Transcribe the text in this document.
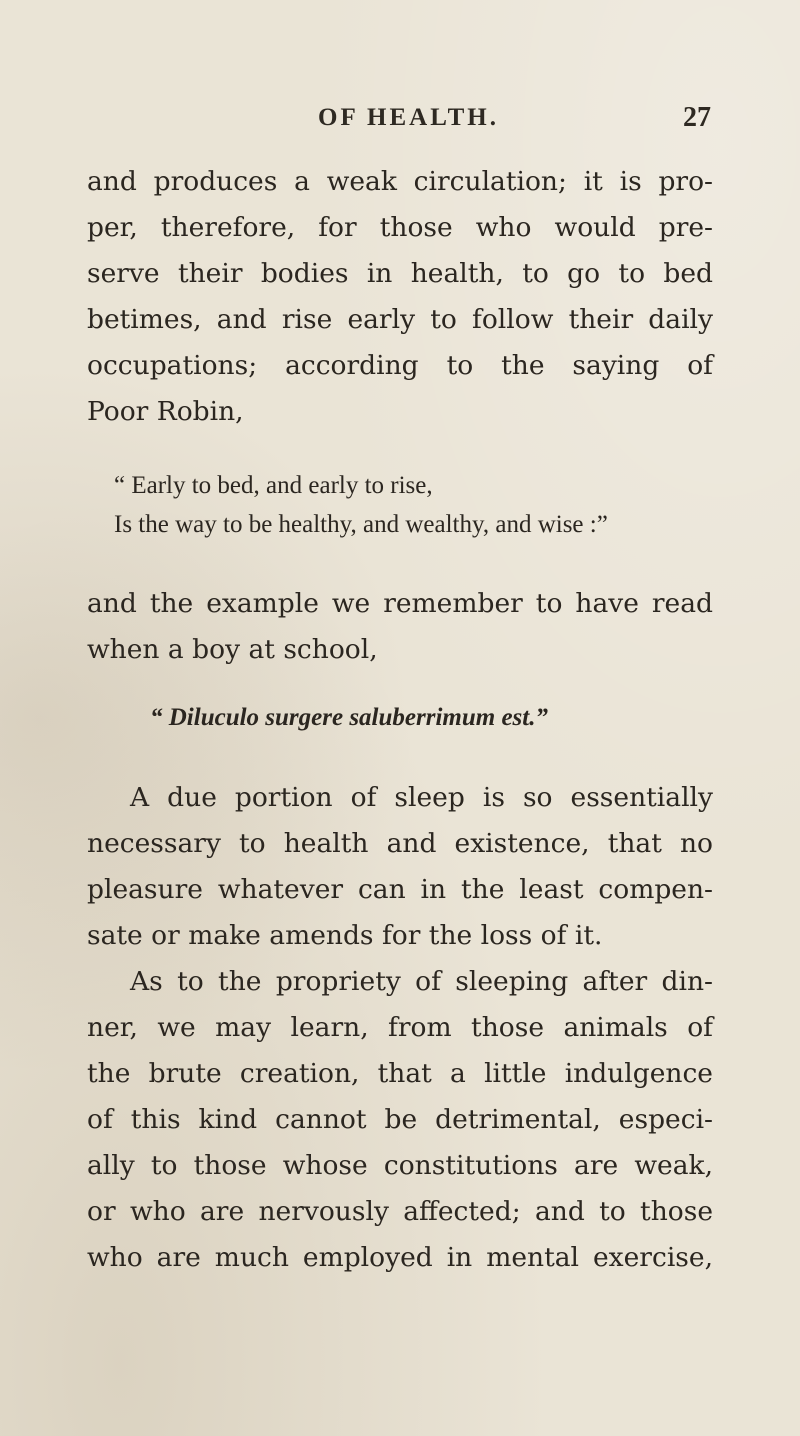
OF HEALTH.	27
and produces a weak circulation; it is pro-
per, therefore, for those who would pre-
serve their bodies in health, to go to bed
betimes, and rise early to follow their daily
occupations; according to the saying of
Poor Robin,
“ Early to bed, and early to rise,
Is the way to be healthy, and wealthy, and wise :”
and the example we remember to have read
when a boy at school,
“ Diluculo surgere saluberrimum est.”
A due portion of sleep is so essentially
necessary to health and existence, that no
pleasure whatever can in the least compen-
sate or make amends for the loss of it.
As to the propriety of sleeping after din-
ner, we may learn, from those animals of
the brute creation, that a little indulgence
of this kind cannot be detrimental, especi-
ally to those whose constitutions are weak,
or who are nervously affected; and to those
who are much employed in mental exercise,
